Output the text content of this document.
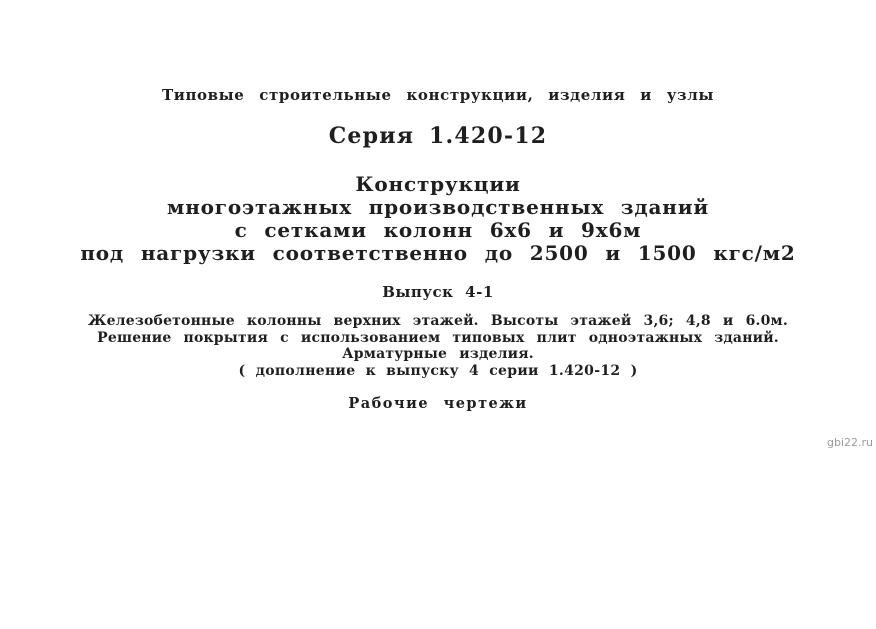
Типовые строительные конструкции, изделия и узлы
Серия 1.420-12
Конструкции
многоэтажных производственных зданий
с сетками колонн 6х6 и 9х6м
под нагрузки соответственно до 2500 и 1500 кгс/м2
Выпуск 4-1
Железобетонные колонны верхних этажей. Высоты этажей 3,6; 4,8 и 6.0м.
Решение покрытия с использованием типовых плит одноэтажных зданий.
Арматурные изделия.
( дополнение к выпуску 4 серии 1.420-12 )
Рабочие чертежи
gbi22.ru
